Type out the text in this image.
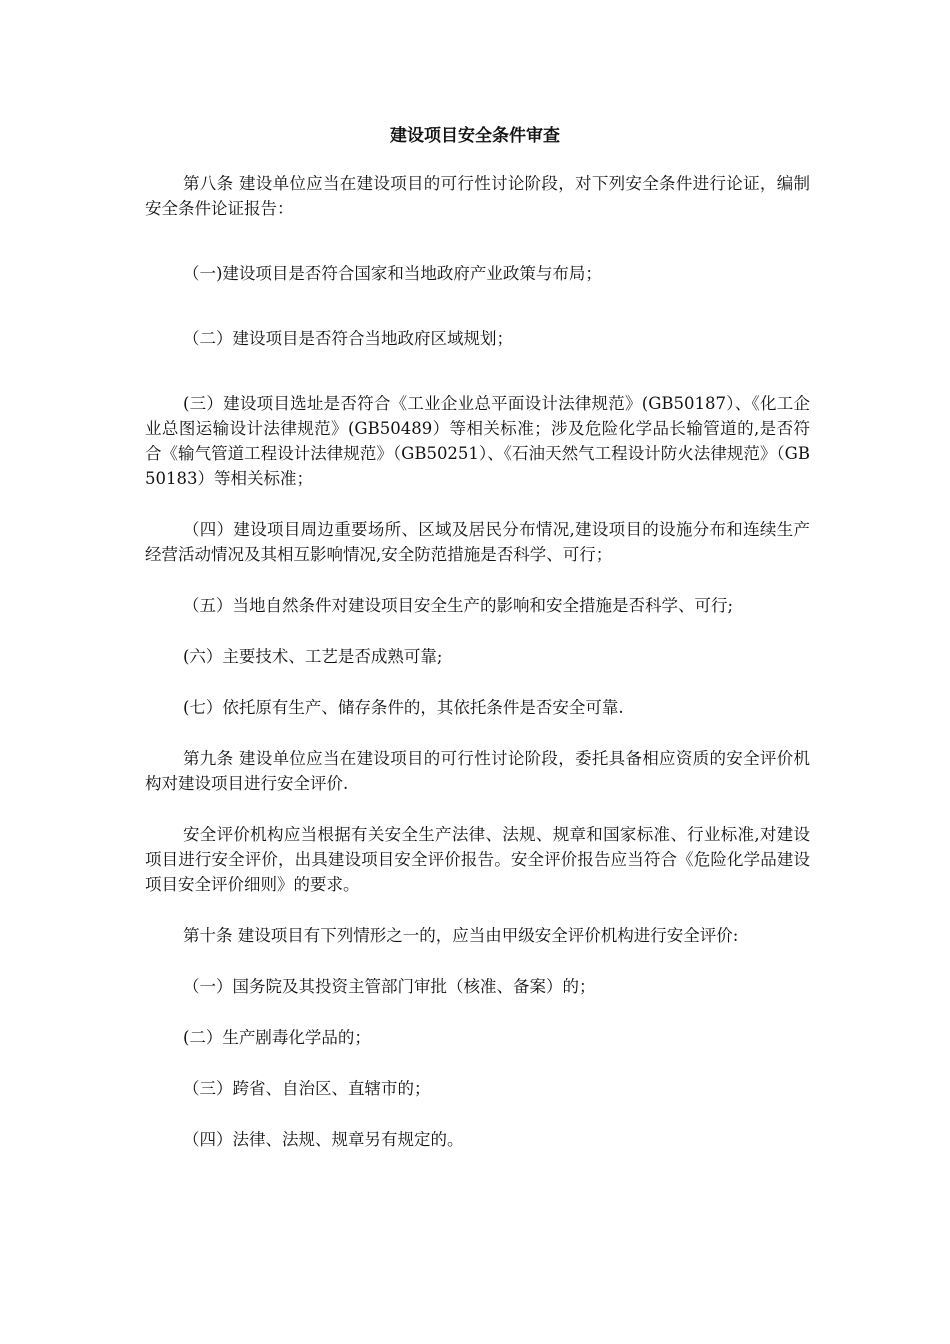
建设项目安全条件审查

第八条 建设单位应当在建设项目的可行性讨论阶段，对下列安全条件进行论证，编制安全条件论证报告：

（一)建设项目是否符合国家和当地政府产业政策与布局；

（二）建设项目是否符合当地政府区域规划；

(三）建设项目选址是否符合《工业企业总平面设计法律规范》(GB50187）、《化工企业总图运输设计法律规范》(GB50489）等相关标准；涉及危险化学品长输管道的,是否符合《输气管道工程设计法律规范》（GB50251）、《石油天然气工程设计防火法律规范》（GB50183）等相关标准；

（四）建设项目周边重要场所、区域及居民分布情况,建设项目的设施分布和连续生产经营活动情况及其相互影响情况,安全防范措施是否科学、可行；

（五）当地自然条件对建设项目安全生产的影响和安全措施是否科学、可行;

(六）主要技术、工艺是否成熟可靠;

(七）依托原有生产、储存条件的，其依托条件是否安全可靠.

第九条 建设单位应当在建设项目的可行性讨论阶段，委托具备相应资质的安全评价机构对建设项目进行安全评价.

安全评价机构应当根据有关安全生产法律、法规、规章和国家标准、行业标准,对建设项目进行安全评价，出具建设项目安全评价报告。安全评价报告应当符合《危险化学品建设项目安全评价细则》的要求。

第十条 建设项目有下列情形之一的，应当由甲级安全评价机构进行安全评价:

（一）国务院及其投资主管部门审批（核准、备案）的；

(二）生产剧毒化学品的；

（三）跨省、自治区、直辖市的；

（四）法律、法规、规章另有规定的。
